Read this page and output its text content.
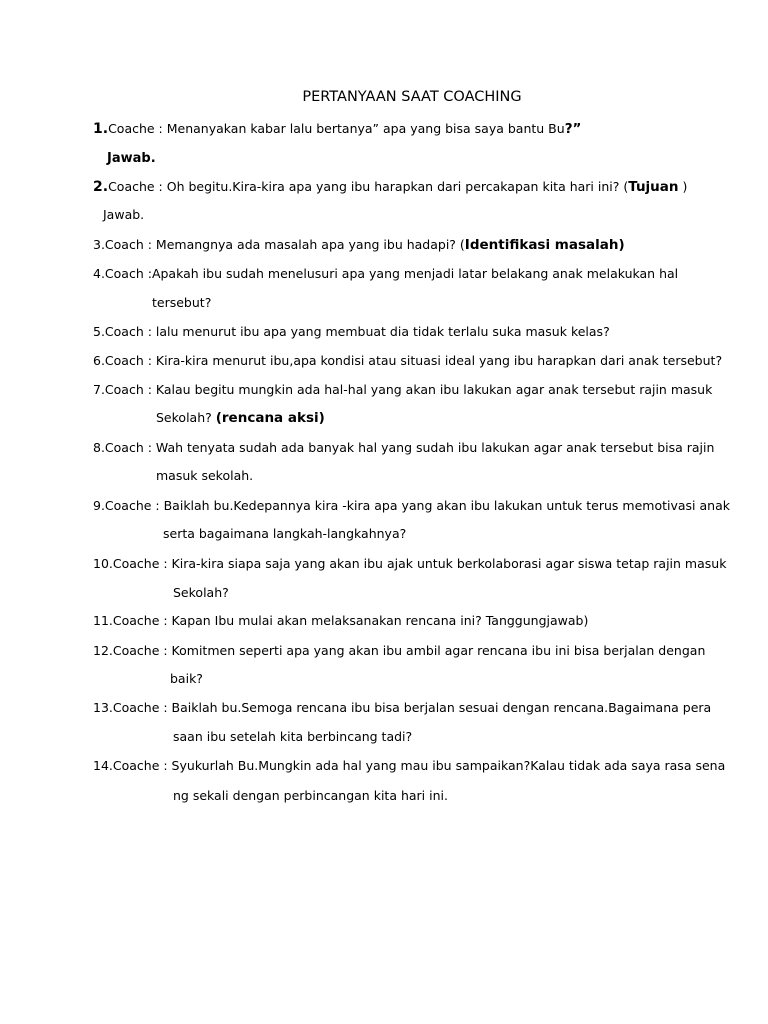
PERTANYAAN SAAT COACHING
1.Coache : Menanyakan kabar lalu bertanya” apa yang bisa saya bantu Bu?”
Jawab.
2.Coache : Oh begitu.Kira-kira apa yang ibu harapkan dari percakapan kita hari ini? (Tujuan )
Jawab.
3.Coach : Memangnya ada masalah apa yang ibu hadapi? (Identifikasi masalah)
4.Coach :Apakah ibu sudah menelusuri apa yang menjadi latar belakang anak melakukan hal
tersebut?
5.Coach : lalu menurut ibu apa yang membuat dia tidak terlalu suka masuk kelas?
6.Coach : Kira-kira menurut ibu,apa kondisi atau situasi ideal yang ibu harapkan dari anak tersebut?
7.Coach : Kalau begitu mungkin ada hal-hal yang akan ibu lakukan agar anak tersebut rajin masuk
Sekolah? (rencana aksi)
8.Coach : Wah tenyata sudah ada banyak hal yang sudah ibu lakukan agar anak tersebut bisa rajin
masuk sekolah.
9.Coache : Baiklah bu.Kedepannya kira -kira apa yang akan ibu lakukan untuk terus memotivasi anak
serta bagaimana langkah-langkahnya?
10.Coache : Kira-kira siapa saja yang akan ibu ajak untuk berkolaborasi agar siswa tetap rajin masuk
Sekolah?
11.Coache : Kapan Ibu mulai akan melaksanakan rencana ini? Tanggungjawab)
12.Coache : Komitmen seperti apa yang akan ibu ambil agar rencana ibu ini bisa berjalan dengan
baik?
13.Coache : Baiklah bu.Semoga rencana ibu bisa berjalan sesuai dengan rencana.Bagaimana pera
saan ibu setelah kita berbincang tadi?
14.Coache : Syukurlah Bu.Mungkin ada hal yang mau ibu sampaikan?Kalau tidak ada saya rasa sena
ng sekali dengan perbincangan kita hari ini.
